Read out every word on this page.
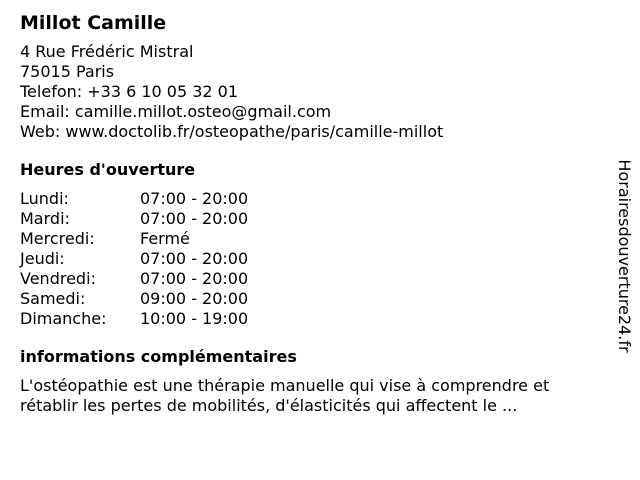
Millot Camille
4 Rue Frédéric Mistral
75015 Paris
Telefon: +33 6 10 05 32 01
Email: camille.millot.osteo@gmail.com
Web: www.doctolib.fr/osteopathe/paris/camille-millot
Heures d'ouverture
Lundi:	07:00 - 20:00
Mardi:	07:00 - 20:00
Mercredi:	Fermé
Jeudi:	07:00 - 20:00
Vendredi:	07:00 - 20:00
Samedi:	09:00 - 20:00
Dimanche:	10:00 - 19:00
informations complémentaires
L'ostéopathie est une thérapie manuelle qui vise à comprendre et rétablir les pertes de mobilités, d'élasticités qui affectent le ...
Horairesdouverture24.fr
